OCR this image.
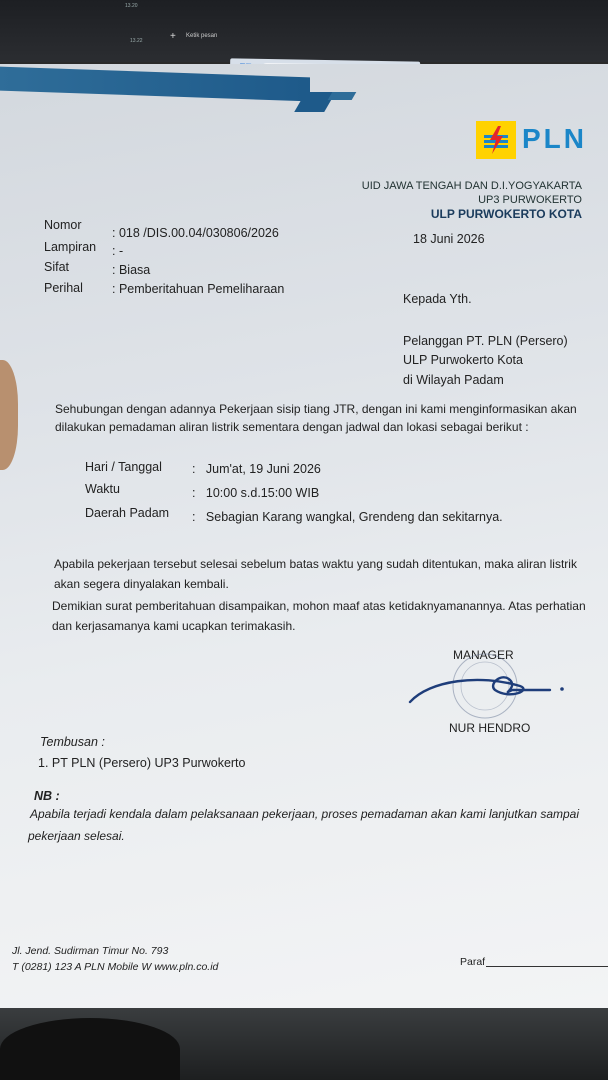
13.20
13.22	+ Ketik pesan
PLN
UID JAWA TENGAH DAN D.I.YOGYAKARTA
UP3 PURWOKERTO
ULP PURWOKERTO KOTA
Nomor
: 018 /DIS.00.04/030806/2026
Lampiran : -
Sifat	: Biasa
Perihal : Pemberitahuan Pemeliharaan
18 Juni 2026
Kepada Yth.
Pelanggan PT. PLN (Persero)
ULP Purwokerto Kota
di Wilayah Padam
Sehubungan dengan adannya Pekerjaan sisip tiang JTR, dengan ini kami menginformasikan akan
dilakukan pemadaman aliran listrik sementara dengan jadwal dan lokasi sebagai berikut :
Hari / Tanggal :   Jum'at, 19 Juni 2026
Waktu	:   10:00 s.d.15:00 WIB
Daerah Padam :   Sebagian Karang wangkal, Grendeng dan sekitarnya.
Apabila pekerjaan tersebut selesai sebelum batas waktu yang sudah ditentukan, maka aliran listrik
akan segera dinyalakan kembali.
Demikian surat pemberitahuan disampaikan, mohon maaf atas ketidaknyamanannya. Atas perhatian
dan kerjasamanya kami ucapkan terimakasih.
MANAGER
NUR HENDRO
Tembusan :
1. PT PLN (Persero) UP3 Purwokerto
NB :
Apabila terjadi kendala dalam pelaksanaan pekerjaan, proses pemadaman akan kami lanjutkan sampai
pekerjaan selesai.
Jl. Jend. Sudirman Timur No. 793
T (0281) 123 A PLN Mobile W www.pln.co.id	Paraf
